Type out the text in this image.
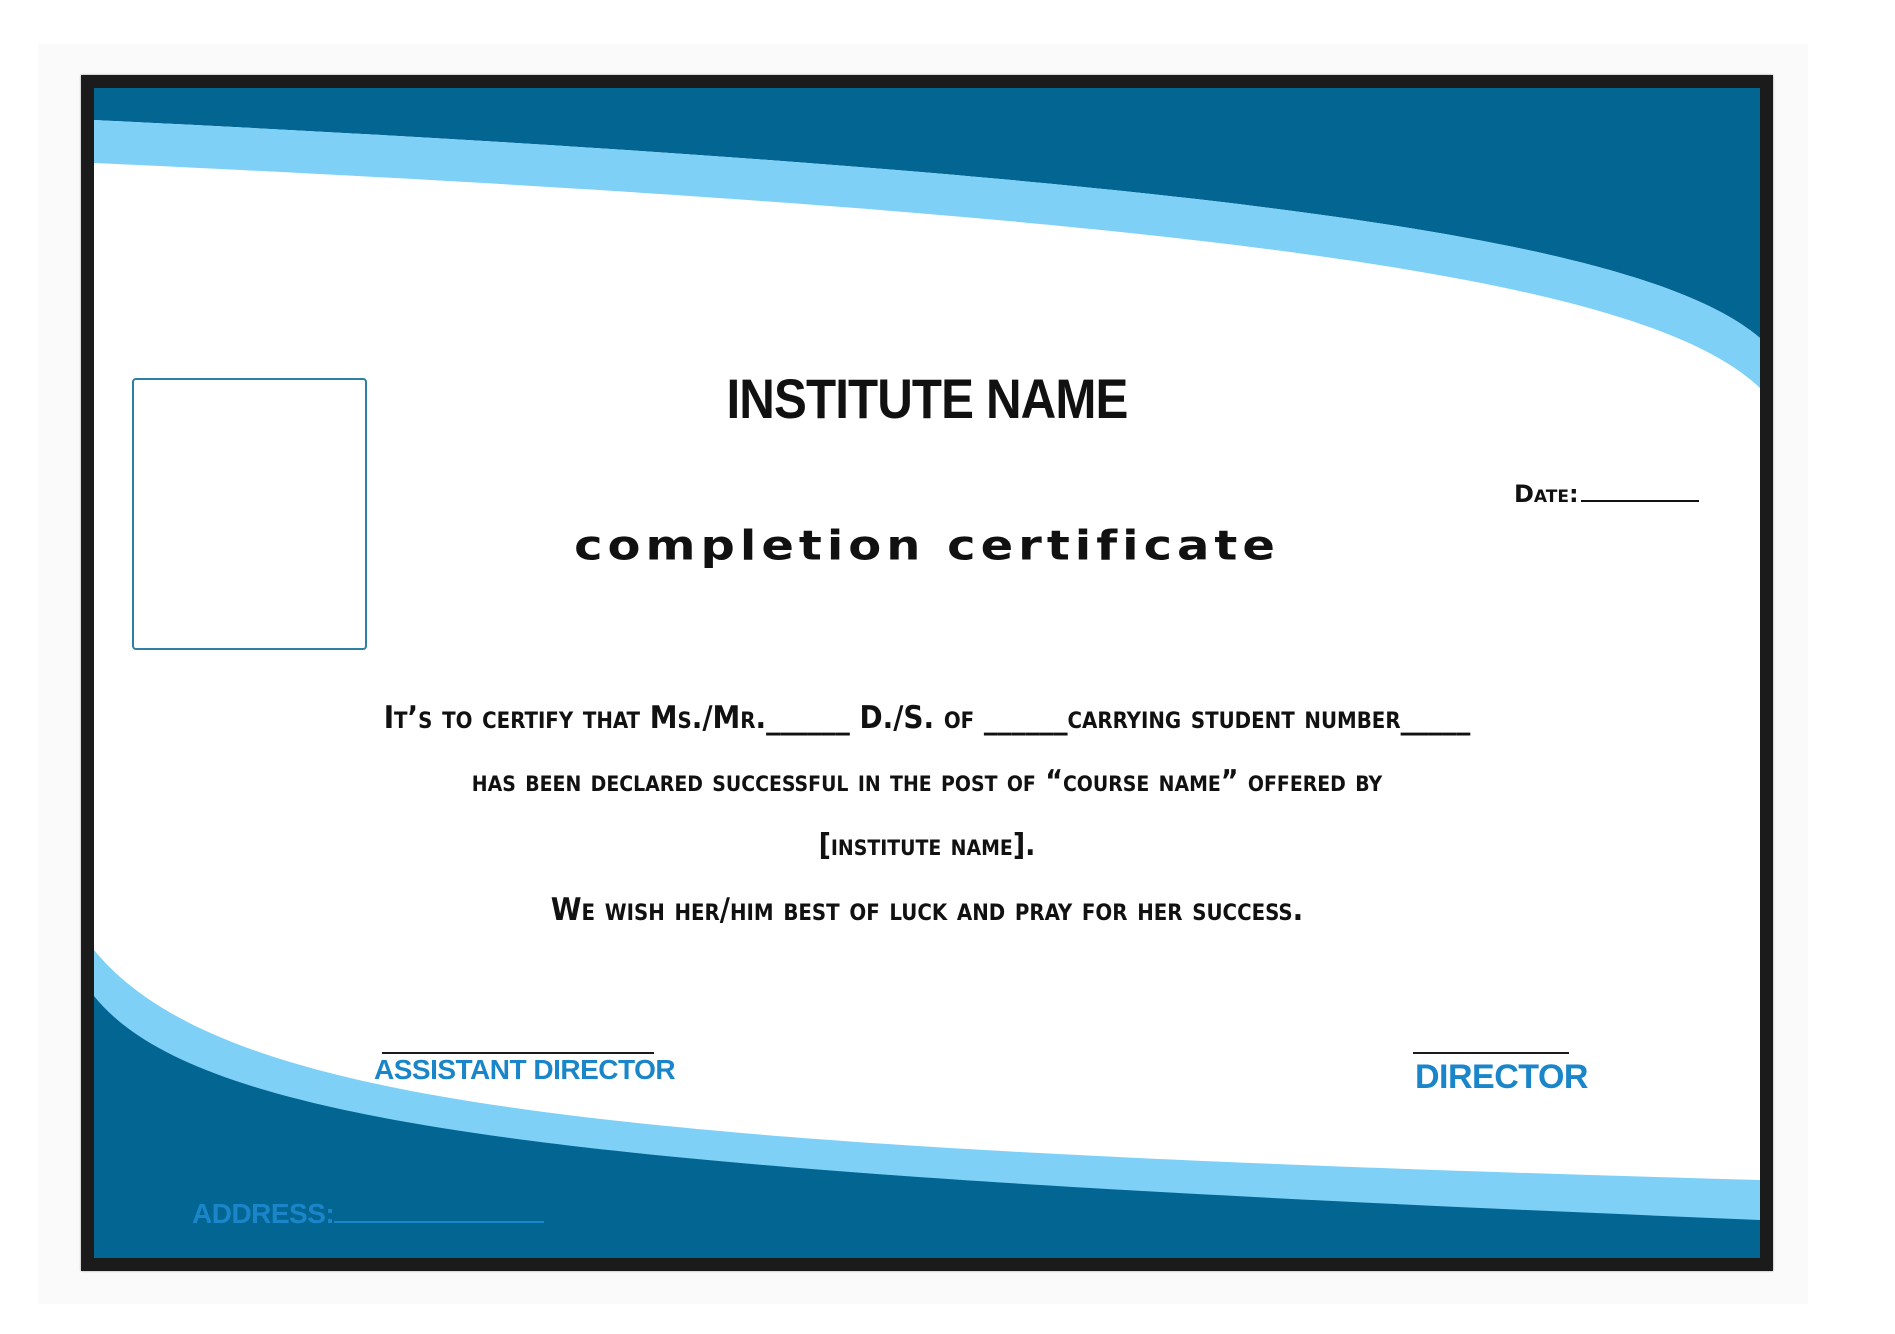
INSTITUTE NAME
Date:
completion certificate
It’s to certify that Ms./Mr.______ D./S. of ______carrying student number_____
has been declared successful in the post of “course name” offered by
[institute name].
We wish her/him best of luck and pray for her success.
ASSISTANT DIRECTOR	DIRECTOR
ADDRESS:
